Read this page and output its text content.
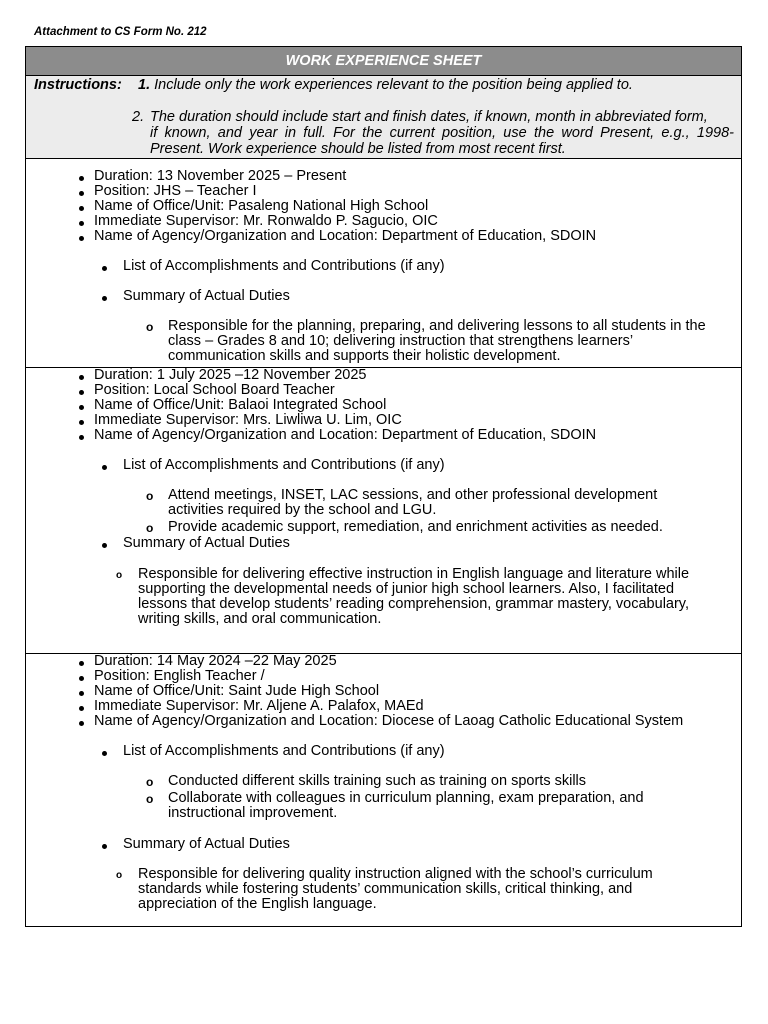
Attachment to CS Form No. 212
WORK EXPERIENCE SHEET
Instructions: 1. Include only the work experiences relevant to the position being applied to.
2. The duration should include start and finish dates, if known, month in abbreviated form,
if known, and year in full. For the current position, use the word Present, e.g., 1998-Present. Work experience should be listed from most recent first.
Duration: 13 November 2025 – Present
Position: JHS – Teacher I
Name of Office/Unit: Pasaleng National High School
Immediate Supervisor: Mr. Ronwaldo P. Sagucio, OIC
Name of Agency/Organization and Location: Department of Education, SDOIN
List of Accomplishments and Contributions (if any)
Summary of Actual Duties
o Responsible for the planning, preparing, and delivering lessons to all students in the class – Grades 8 and 10; delivering instruction that strengthens learners’ communication skills and supports their holistic development.
Duration: 1 July 2025 –12 November 2025
Position: Local School Board Teacher
Name of Office/Unit: Balaoi Integrated School
Immediate Supervisor: Mrs. Liwliwa U. Lim, OIC
Name of Agency/Organization and Location: Department of Education, SDOIN
List of Accomplishments and Contributions (if any)
o Attend meetings, INSET, LAC sessions, and other professional development activities required by the school and LGU.
o Provide academic support, remediation, and enrichment activities as needed.
Summary of Actual Duties
o Responsible for delivering effective instruction in English language and literature while supporting the developmental needs of junior high school learners. Also, I facilitated lessons that develop students’ reading comprehension, grammar mastery, vocabulary, writing skills, and oral communication.
Duration: 14 May 2024 –22 May 2025
Position: English Teacher /
Name of Office/Unit: Saint Jude High School
Immediate Supervisor: Mr. Aljene A. Palafox, MAEd
Name of Agency/Organization and Location: Diocese of Laoag Catholic Educational System
List of Accomplishments and Contributions (if any)
o Conducted different skills training such as training on sports skills
o Collaborate with colleagues in curriculum planning, exam preparation, and instructional improvement.
Summary of Actual Duties
o Responsible for delivering quality instruction aligned with the school’s curriculum standards while fostering students’ communication skills, critical thinking, and appreciation of the English language.
